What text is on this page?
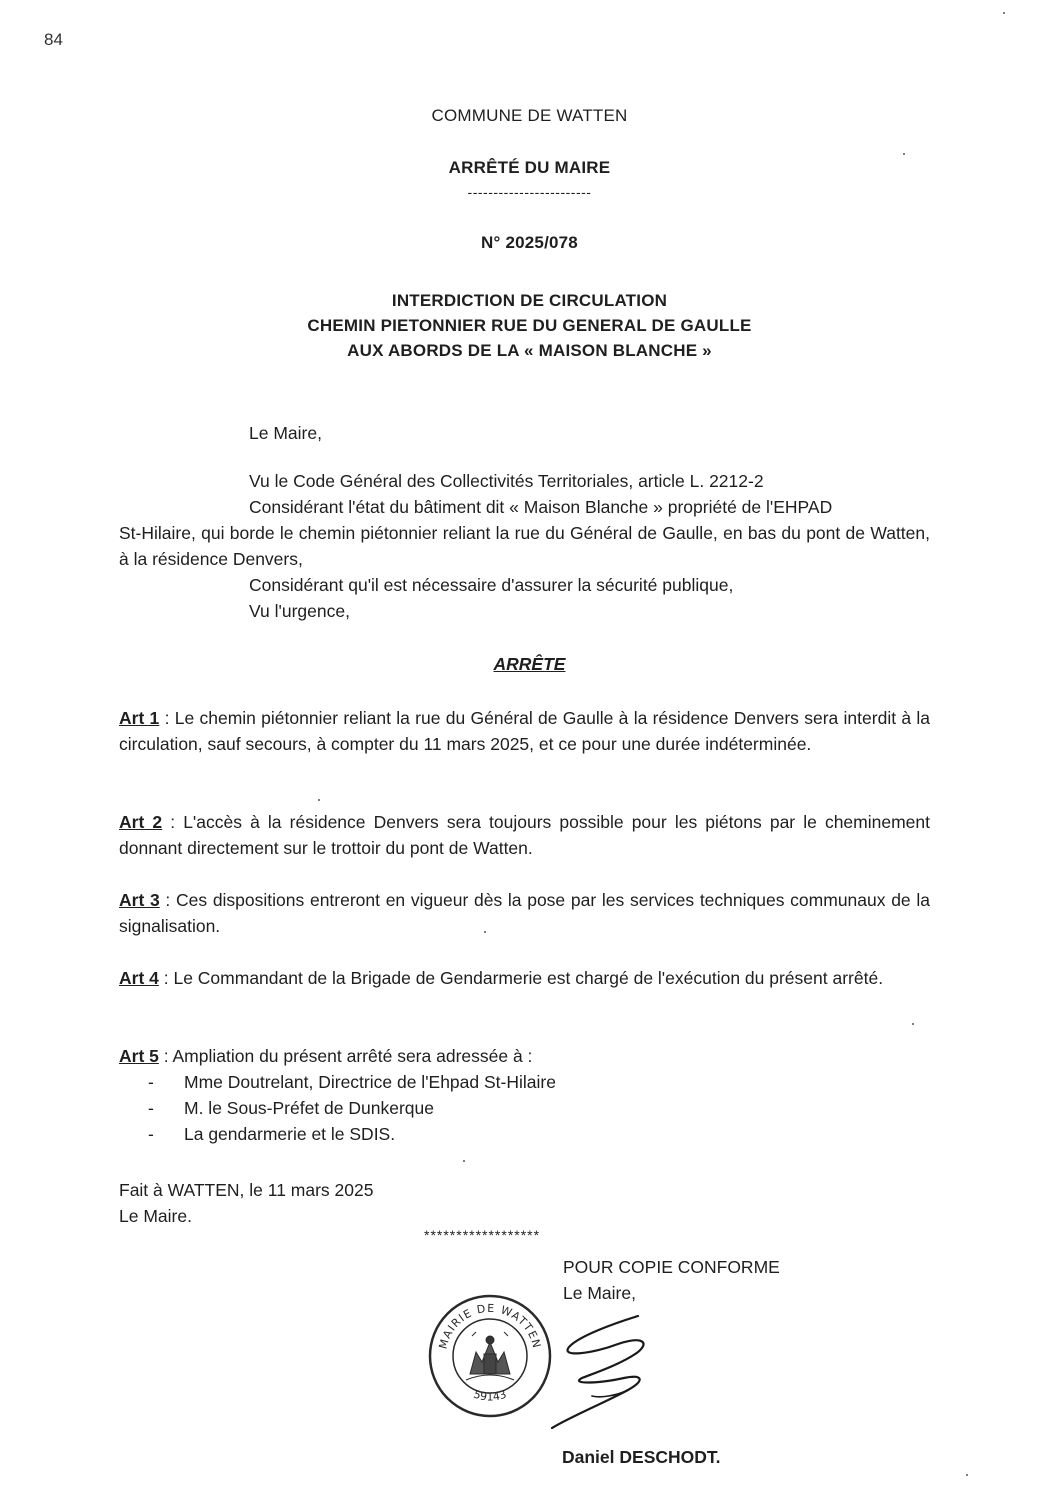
84
COMMUNE DE WATTEN
ARRÊTÉ DU MAIRE
------------------------
N° 2025/078
INTERDICTION DE CIRCULATION
CHEMIN PIETONNIER RUE DU GENERAL DE GAULLE
AUX ABORDS DE LA « MAISON BLANCHE »
Le Maire,
Vu le Code Général des Collectivités Territoriales, article L. 2212-2
Considérant l'état du bâtiment dit « Maison Blanche » propriété de l'EHPAD
St-Hilaire, qui borde le chemin piétonnier reliant la rue du Général de Gaulle, en bas du pont de Watten, à la résidence Denvers,
Considérant qu'il est nécessaire d'assurer la sécurité publique,
Vu l'urgence,
ARRÊTE
Art 1 : Le chemin piétonnier reliant la rue du Général de Gaulle à la résidence Denvers sera interdit à la circulation, sauf secours, à compter du 11 mars 2025, et ce pour une durée indéterminée.
Art 2 : L'accès à la résidence Denvers sera toujours possible pour les piétons par le cheminement donnant directement sur le trottoir du pont de Watten.
Art 3 : Ces dispositions entreront en vigueur dès la pose par les services techniques communaux de la signalisation.
Art 4 : Le Commandant de la Brigade de Gendarmerie est chargé de l'exécution du présent arrêté.
Art 5 : Ampliation du présent arrêté sera adressée à :
- Mme Doutrelant, Directrice de l'Ehpad St-Hilaire
- M. le Sous-Préfet de Dunkerque
- La gendarmerie et le SDIS.
Fait à WATTEN, le 11 mars 2025
Le Maire.
******************
POUR COPIE CONFORME
Le Maire,
MAIRIE DE WATTEN
59143
Daniel DESCHODT.
